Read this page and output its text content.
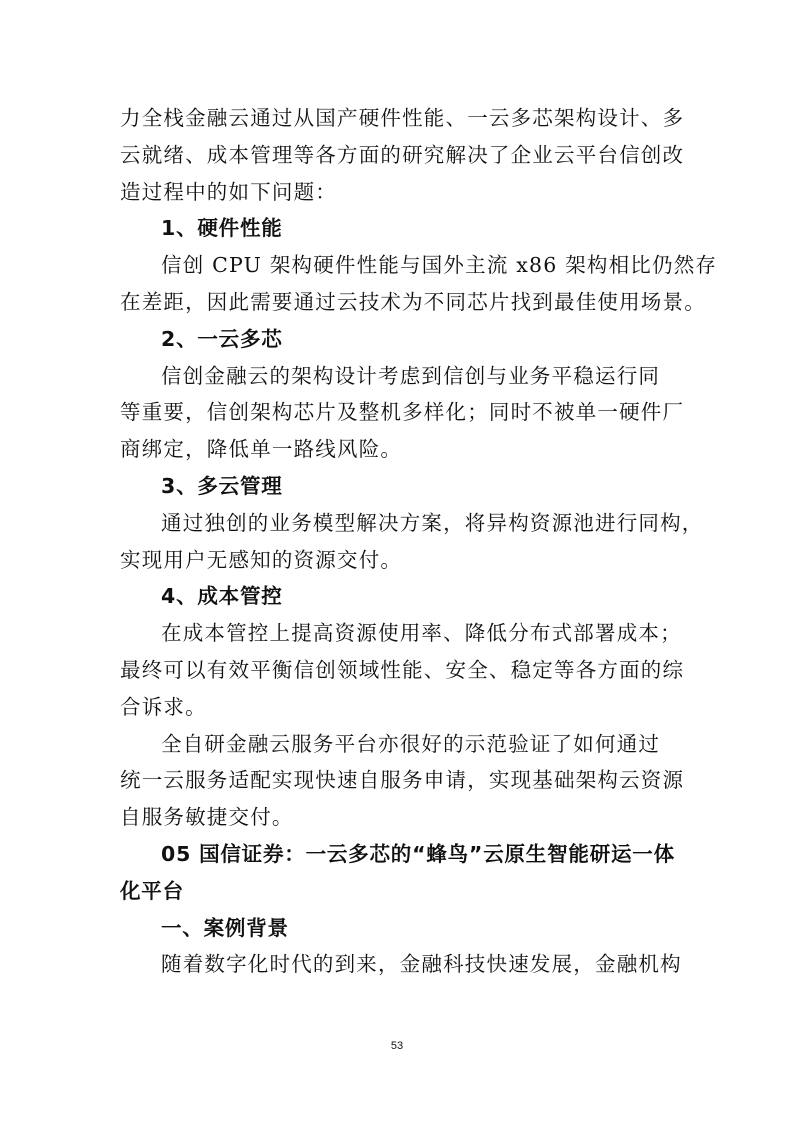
力全栈金融云通过从国产硬件性能、一云多芯架构设计、多
云就绪、成本管理等各方面的研究解决了企业云平台信创改
造过程中的如下问题：
1、硬件性能
信创 CPU 架构硬件性能与国外主流 x86 架构相比仍然存
在差距，因此需要通过云技术为不同芯片找到最佳使用场景。
2、一云多芯
信创金融云的架构设计考虑到信创与业务平稳运行同
等重要，信创架构芯片及整机多样化；同时不被单一硬件厂
商绑定，降低单一路线风险。
3、多云管理
通过独创的业务模型解决方案，将异构资源池进行同构，
实现用户无感知的资源交付。
4、成本管控
在成本管控上提高资源使用率、降低分布式部署成本；
最终可以有效平衡信创领域性能、安全、稳定等各方面的综
合诉求。
全自研金融云服务平台亦很好的示范验证了如何通过
统一云服务适配实现快速自服务申请，实现基础架构云资源
自服务敏捷交付。
05 国信证券：一云多芯的“蜂鸟”云原生智能研运一体
化平台
一、案例背景
随着数字化时代的到来，金融科技快速发展，金融机构
53
